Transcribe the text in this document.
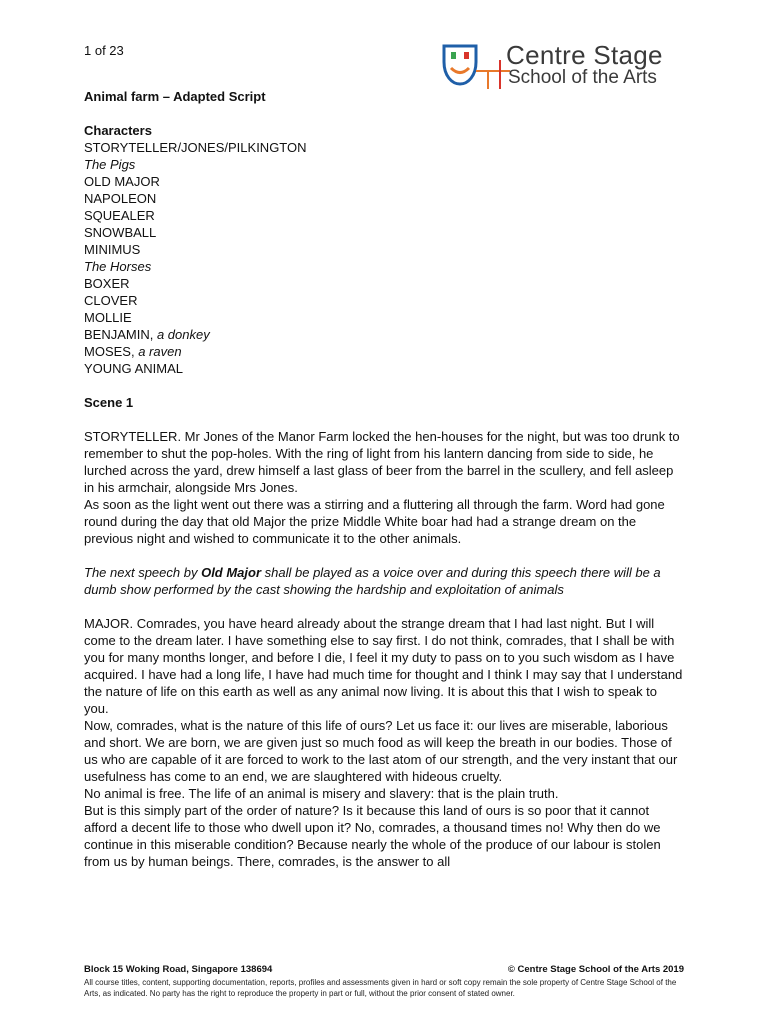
1 of 23	Centre Stage
School of the Arts

Animal farm – Adapted Script

Characters

STORYTELLER/JONES/PILKINGTON

The Pigs

OLD MAJOR

NAPOLEON

SQUEALER

SNOWBALL

MINIMUS

The Horses

BOXER

CLOVER

MOLLIE

BENJAMIN, a donkey

MOSES, a raven

YOUNG ANIMAL

Scene 1

STORYTELLER. Mr Jones of the Manor Farm locked the hen-houses for the night, but was too drunk to remember to shut the pop-holes. With the ring of light from his lantern dancing from side to side, he lurched across the yard, drew himself a last glass of beer from the barrel in the scullery, and fell asleep in his armchair, alongside Mrs Jones.

As soon as the light went out there was a stirring and a fluttering all through the farm. Word had gone round during the day that old Major the prize Middle White boar had had a strange dream on the previous night and wished to communicate it to the other animals.

The next speech by Old Major shall be played as a voice over and during this speech there will be a dumb show performed by the cast showing the hardship and exploitation of animals

MAJOR. Comrades, you have heard already about the strange dream that I had last night. But I will come to the dream later. I have something else to say first. I do not think, comrades, that I shall be with you for many months longer, and before I die, I feel it my duty to pass on to you such wisdom as I have acquired. I have had a long life, I have had much time for thought and I think I may say that I understand the nature of life on this earth as well as any animal now living. It is about this that I wish to speak to you.

Now, comrades, what is the nature of this life of ours? Let us face it: our lives are miserable, laborious and short. We are born, we are given just so much food as will keep the breath in our bodies. Those of us who are capable of it are forced to work to the last atom of our strength, and the very instant that our usefulness has come to an end, we are slaughtered with hideous cruelty.

No animal is free. The life of an animal is misery and slavery: that is the plain truth.

But is this simply part of the order of nature? Is it because this land of ours is so poor that it cannot afford a decent life to those who dwell upon it? No, comrades, a thousand times no! Why then do we continue in this miserable condition? Because nearly the whole of the produce of our labour is stolen from us by human beings. There, comrades, is the answer to all

Block 15 Woking Road, Singapore 138694	© Centre Stage School of the Arts 2019
All course titles, content, supporting documentation, reports, profiles and assessments given in hard or soft copy remain the sole property of Centre Stage School of the Arts, as indicated. No party has the right to reproduce the property in part or full, without the prior consent of stated owner.
